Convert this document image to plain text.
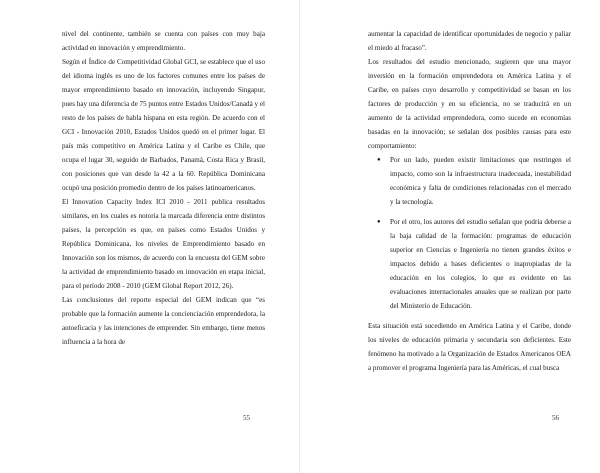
nivel del continente, también se cuenta con países con muy baja actividad en innovación y emprendimiento.

Según el Índice de Competitividad Global GCI, se establece que el uso del idioma inglés es uno de los factores comunes entre los países de mayor emprendimiento basado en innovación, incluyendo Singapur, pues hay una diferencia de 75 puntos entre Estados Unidos/Canadá y el resto de los países de habla hispana en esta región. De acuerdo con el GCI - Innovación 2010, Estados Unidos quedó en el primer lugar. El país más competitivo en América Latina y el Caribe es Chile, que ocupa el lugar 30, seguido de Barbados, Panamá, Costa Rica y Brasil, con posiciones que van desde la 42 a la 60. República Dominicana ocupó una posición promedio dentro de los países latinoamericanos.

El Innovation Capacity Index ICI 2010 - 2011 publica resultados similares, en los cuales es notoria la marcada diferencia entre distintos países, la percepción es que, en países como Estados Unidos y República Dominicana, los niveles de Emprendimiento basado en Innovación son los mismos, de acuerdo con la encuesta del GEM sobre la actividad de emprendimiento basado en innovación en etapa inicial, para el período 2008 - 2010 (GEM Global Report 2012, 26).

Las conclusiones del reporte especial del GEM indican que “es probable que la formación aumente la concienciación emprendedora, la autoeficacia y las intenciones de emprender. Sin embargo, tiene menos influencia a la hora de

55

aumentar la capacidad de identificar oportunidades de negocio y paliar el miedo al fracaso”.

Los resultados del estudio mencionado, sugieren que una mayor inversión en la formación emprendedora en América Latina y el Caribe, en países cuyo desarrollo y competitividad se basan en los factores de producción y en su eficiencia, no se traducirá en un aumento de la actividad emprendedora, como sucede en economías basadas en la innovación; se señalan dos posibles causas para este comportamiento:

● Por un lado, pueden existir limitaciones que restringen el impacto, como son la infraestructura inadecuada, inestabilidad económica y falta de condiciones relacionadas con el mercado y la tecnología.
● Por el otro, los autores del estudio señalan que podría deberse a la baja calidad de la formación: programas de educación superior en Ciencias e Ingeniería no tienen grandes éxitos e impactos debido a bases deficientes o inapropiadas de la educación en los colegios, lo que es evidente en las evaluaciones internacionales anuales que se realizan por parte del Ministerio de Educación.

Esta situación está sucediendo en América Latina y el Caribe, donde los niveles de educación primaria y secundaria son deficientes. Este fenómeno ha motivado a la Organización de Estados Americanos OEA a promover el programa Ingeniería para las Américas, el cual busca

56
